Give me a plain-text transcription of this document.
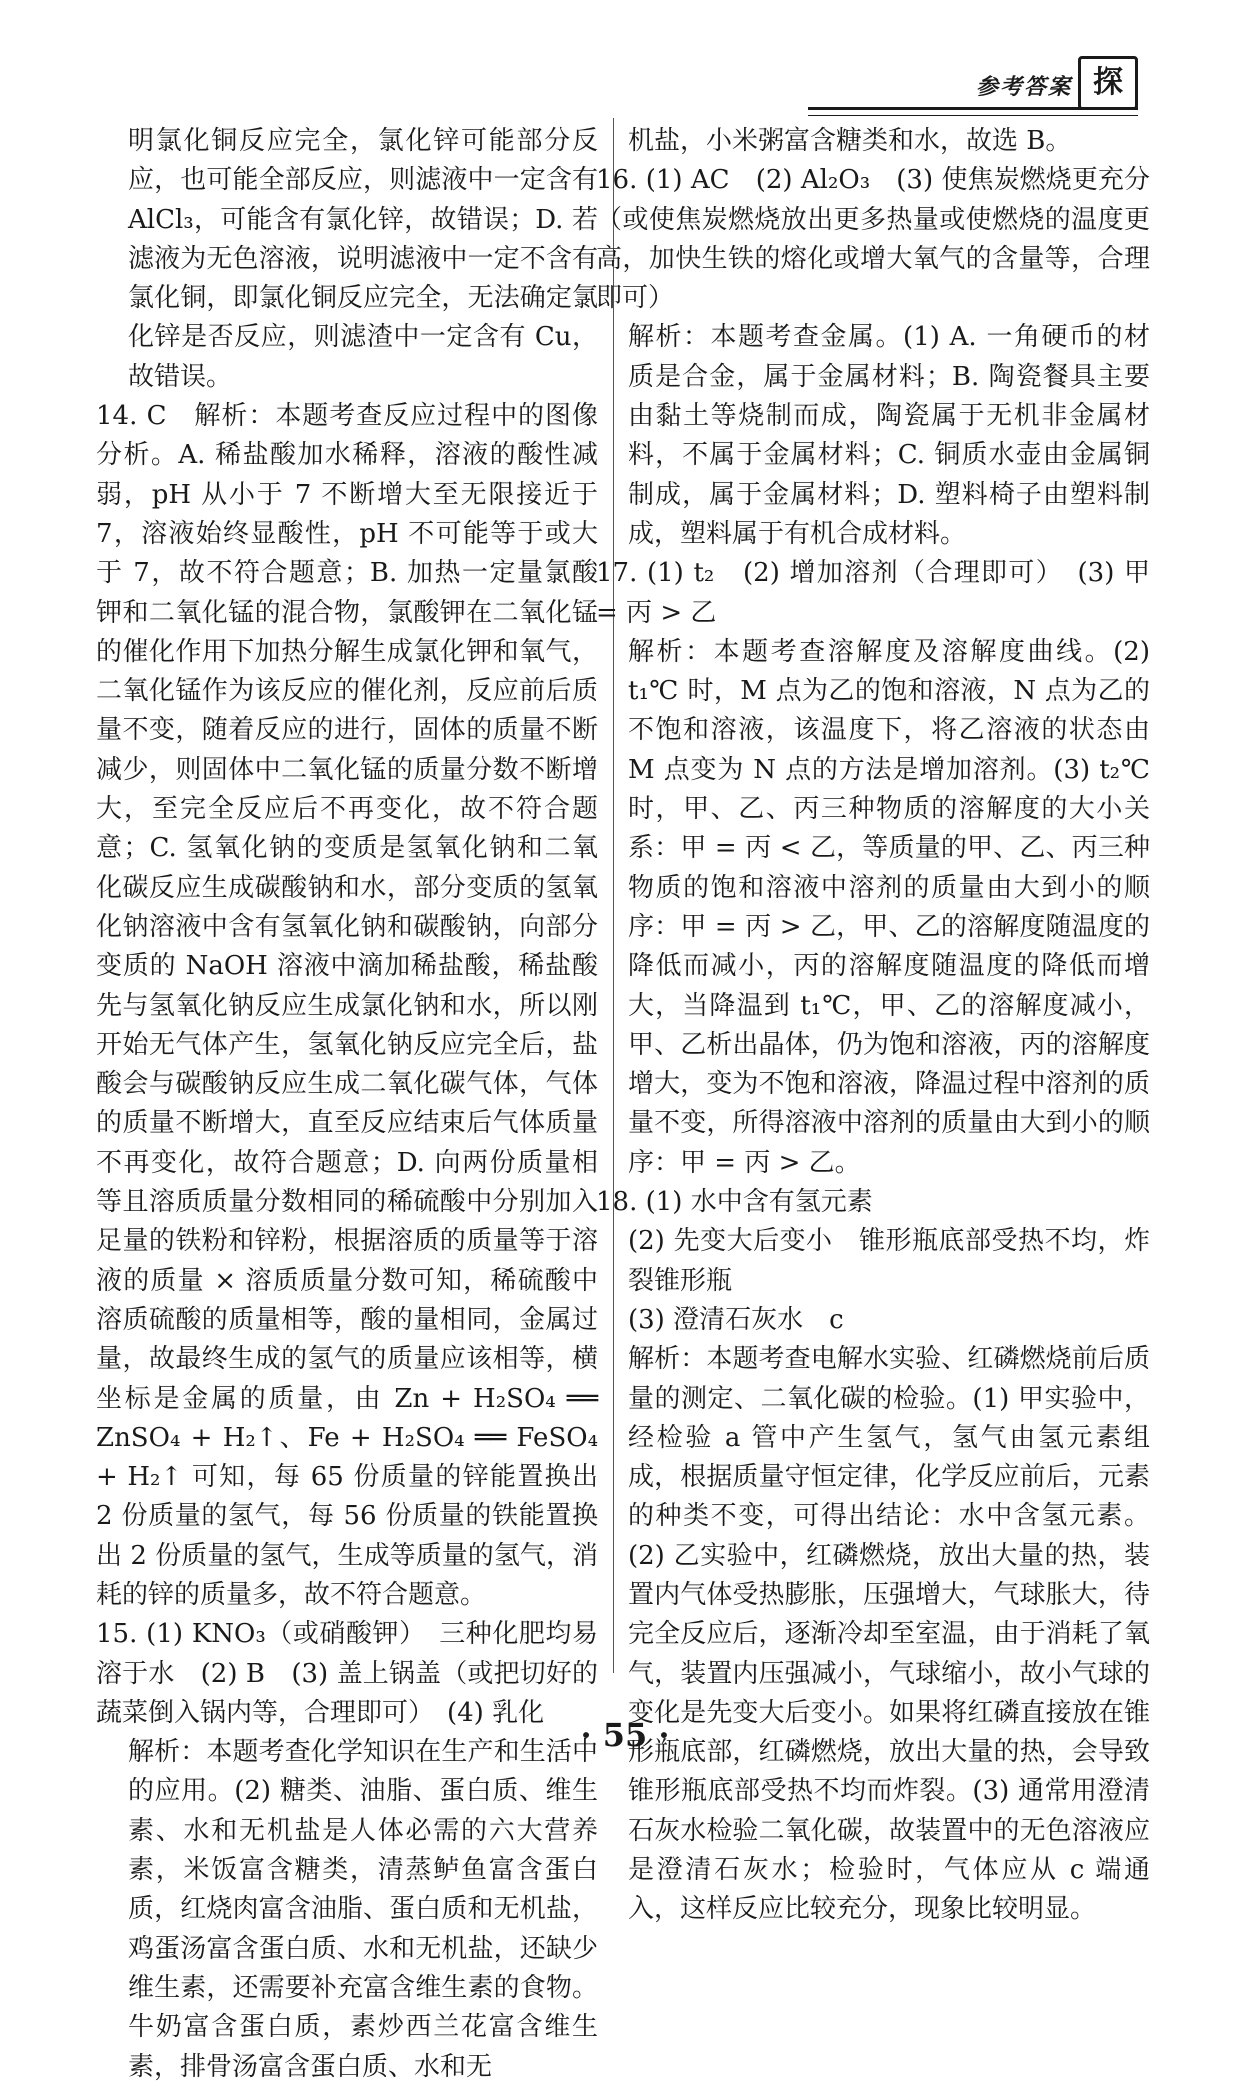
参考答案 探

明氯化铜反应完全，氯化锌可能部分反应，也可能全部反应，则滤液中一定含有 AlCl₃，可能含有氯化锌，故错误；D. 若滤液为无色溶液，说明滤液中一定不含有氯化铜，即氯化铜反应完全，无法确定氯化锌是否反应，则滤渣中一定含有 Cu，故错误。

14. C　解析：本题考查反应过程中的图像分析。A. 稀盐酸加水稀释，溶液的酸性减弱，pH 从小于 7 不断增大至无限接近于 7，溶液始终显酸性，pH 不可能等于或大于 7，故不符合题意；B. 加热一定量氯酸钾和二氧化锰的混合物，氯酸钾在二氧化锰的催化作用下加热分解生成氯化钾和氧气，二氧化锰作为该反应的催化剂，反应前后质量不变，随着反应的进行，固体的质量不断减少，则固体中二氧化锰的质量分数不断增大，至完全反应后不再变化，故不符合题意；C. 氢氧化钠的变质是氢氧化钠和二氧化碳反应生成碳酸钠和水，部分变质的氢氧化钠溶液中含有氢氧化钠和碳酸钠，向部分变质的 NaOH 溶液中滴加稀盐酸，稀盐酸先与氢氧化钠反应生成氯化钠和水，所以刚开始无气体产生，氢氧化钠反应完全后，盐酸会与碳酸钠反应生成二氧化碳气体，气体的质量不断增大，直至反应结束后气体质量不再变化，故符合题意；D. 向两份质量相等且溶质质量分数相同的稀硫酸中分别加入足量的铁粉和锌粉，根据溶质的质量等于溶液的质量 × 溶质质量分数可知，稀硫酸中溶质硫酸的质量相等，酸的量相同，金属过量，故最终生成的氢气的质量应该相等，横坐标是金属的质量，由 Zn + H₂SO₄ ══ ZnSO₄ + H₂↑、Fe + H₂SO₄ ══ FeSO₄ + H₂↑ 可知，每 65 份质量的锌能置换出 2 份质量的氢气，每 56 份质量的铁能置换出 2 份质量的氢气，生成等质量的氢气，消耗的锌的质量多，故不符合题意。

15. (1) KNO₃（或硝酸钾）　三种化肥均易溶于水　(2) B　(3) 盖上锅盖（或把切好的蔬菜倒入锅内等，合理即可）　(4) 乳化

解析：本题考查化学知识在生产和生活中的应用。(2) 糖类、油脂、蛋白质、维生素、水和无机盐是人体必需的六大营养素，米饭富含糖类，清蒸鲈鱼富含蛋白质，红烧肉富含油脂、蛋白质和无机盐，鸡蛋汤富含蛋白质、水和无机盐，还缺少维生素，还需要补充富含维生素的食物。牛奶富含蛋白质，素炒西兰花富含维生素，排骨汤富含蛋白质、水和无

机盐，小米粥富含糖类和水，故选 B。

16. (1) AC　(2) Al₂O₃　(3) 使焦炭燃烧更充分（或使焦炭燃烧放出更多热量或使燃烧的温度更高，加快生铁的熔化或增大氧气的含量等，合理即可）

解析：本题考查金属。(1) A. 一角硬币的材质是合金，属于金属材料；B. 陶瓷餐具主要由黏土等烧制而成，陶瓷属于无机非金属材料，不属于金属材料；C. 铜质水壶由金属铜制成，属于金属材料；D. 塑料椅子由塑料制成，塑料属于有机合成材料。

17. (1) t₂　(2) 增加溶剂（合理即可）　(3) 甲 = 丙 > 乙

解析：本题考查溶解度及溶解度曲线。(2) t₁℃ 时，M 点为乙的饱和溶液，N 点为乙的不饱和溶液，该温度下，将乙溶液的状态由 M 点变为 N 点的方法是增加溶剂。(3) t₂℃ 时，甲、乙、丙三种物质的溶解度的大小关系：甲 = 丙 < 乙，等质量的甲、乙、丙三种物质的饱和溶液中溶剂的质量由大到小的顺序：甲 = 丙 > 乙，甲、乙的溶解度随温度的降低而减小，丙的溶解度随温度的降低而增大，当降温到 t₁℃，甲、乙的溶解度减小，甲、乙析出晶体，仍为饱和溶液，丙的溶解度增大，变为不饱和溶液，降温过程中溶剂的质量不变，所得溶液中溶剂的质量由大到小的顺序：甲 = 丙 > 乙。

18. (1) 水中含有氢元素

(2) 先变大后变小　锥形瓶底部受热不均，炸裂锥形瓶

(3) 澄清石灰水　c

解析：本题考查电解水实验、红磷燃烧前后质量的测定、二氧化碳的检验。(1) 甲实验中，经检验 a 管中产生氢气，氢气由氢元素组成，根据质量守恒定律，化学反应前后，元素的种类不变，可得出结论：水中含氢元素。(2) 乙实验中，红磷燃烧，放出大量的热，装置内气体受热膨胀，压强增大，气球胀大，待完全反应后，逐渐冷却至室温，由于消耗了氧气，装置内压强减小，气球缩小，故小气球的变化是先变大后变小。如果将红磷直接放在锥形瓶底部，红磷燃烧，放出大量的热，会导致锥形瓶底部受热不均而炸裂。(3) 通常用澄清石灰水检验二氧化碳，故装置中的无色溶液应是澄清石灰水；检验时，气体应从 c 端通入，这样反应比较充分，现象比较明显。

· 55 ·
